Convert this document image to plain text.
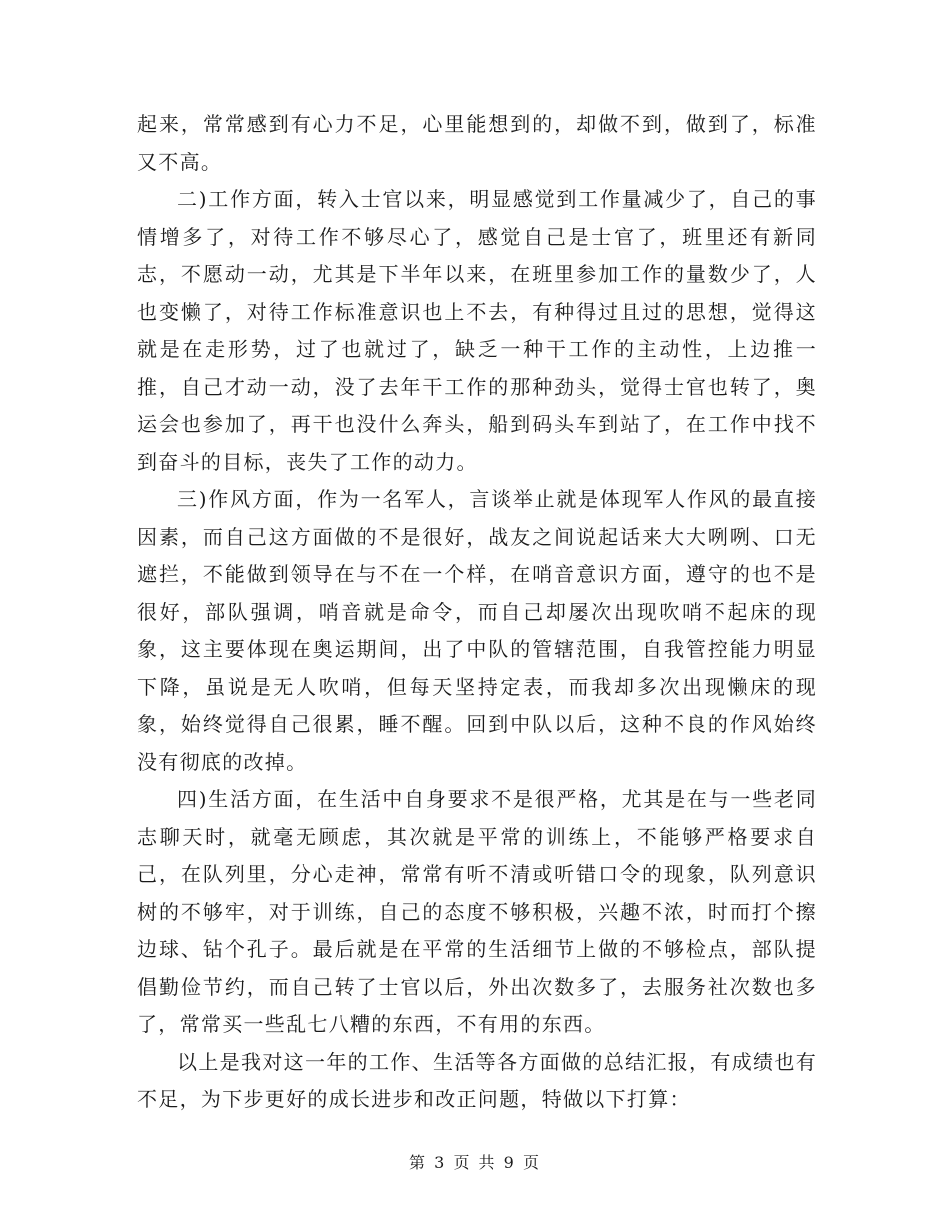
起来，常常感到有心力不足，心里能想到的，却做不到，做到了，标准又不高。

二)工作方面，转入士官以来，明显感觉到工作量减少了，自己的事情增多了，对待工作不够尽心了，感觉自己是士官了，班里还有新同志，不愿动一动，尤其是下半年以来，在班里参加工作的量数少了，人也变懒了，对待工作标准意识也上不去，有种得过且过的思想，觉得这就是在走形势，过了也就过了，缺乏一种干工作的主动性，上边推一推，自己才动一动，没了去年干工作的那种劲头，觉得士官也转了，奥运会也参加了，再干也没什么奔头，船到码头车到站了，在工作中找不到奋斗的目标，丧失了工作的动力。

三)作风方面，作为一名军人，言谈举止就是体现军人作风的最直接因素，而自己这方面做的不是很好，战友之间说起话来大大咧咧、口无遮拦，不能做到领导在与不在一个样，在哨音意识方面，遵守的也不是很好，部队强调，哨音就是命令，而自己却屡次出现吹哨不起床的现象，这主要体现在奥运期间，出了中队的管辖范围，自我管控能力明显下降，虽说是无人吹哨，但每天坚持定表，而我却多次出现懒床的现象，始终觉得自己很累，睡不醒。回到中队以后，这种不良的作风始终没有彻底的改掉。

四)生活方面，在生活中自身要求不是很严格，尤其是在与一些老同志聊天时，就毫无顾虑，其次就是平常的训练上，不能够严格要求自己，在队列里，分心走神，常常有听不清或听错口令的现象，队列意识树的不够牢，对于训练，自己的态度不够积极，兴趣不浓，时而打个擦边球、钻个孔子。最后就是在平常的生活细节上做的不够检点，部队提倡勤俭节约，而自己转了士官以后，外出次数多了，去服务社次数也多了，常常买一些乱七八糟的东西，不有用的东西。

以上是我对这一年的工作、生活等各方面做的总结汇报，有成绩也有不足，为下步更好的成长进步和改正问题，特做以下打算：

第 3 页 共 9 页
